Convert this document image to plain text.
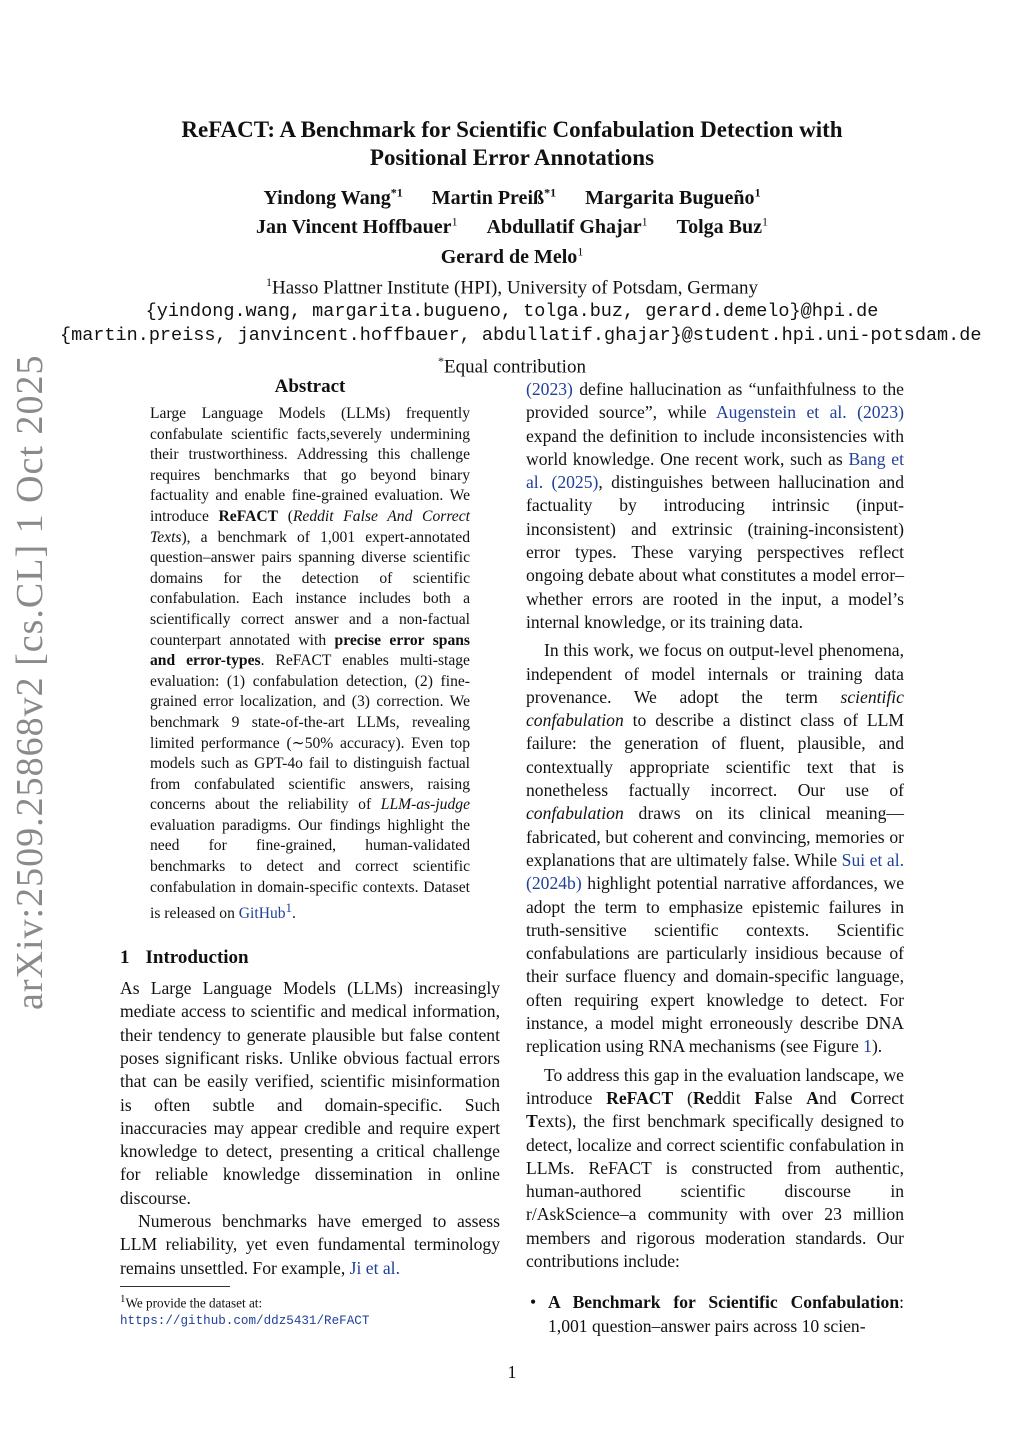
arXiv:2509.25868v2 [cs.CL] 1 Oct 2025
ReFACT: A Benchmark for Scientific Confabulation Detection with
Positional Error Annotations
Yindong Wang$^{*1}$ Martin Preiß$^{*1}$ Margarita Bugueño$^1$
Jan Vincent Hoffbauer$^1$ Abdullatif Ghajar$^1$ Tolga Buz$^1$
Gerard de Melo$^1$
$^1$Hasso Plattner Institute (HPI), University of Potsdam, Germany
{yindong.wang, margarita.bugueno, tolga.buz, gerard.demelo}@hpi.de
{martin.preiss, janvincent.hoffbauer, abdullatif.ghajar}@student.hpi.uni-potsdam.de
*Equal contribution
Abstract
Large Language Models (LLMs) frequently confabulate scientific facts,severely undermining their trustworthiness. Addressing this challenge requires benchmarks that go beyond binary factuality and enable fine-grained evaluation. We introduce ReFACT (Reddit False And Correct Texts), a benchmark of 1,001 expert-annotated question–answer pairs spanning diverse scientific domains for the detection of scientific confabulation. Each instance includes both a scientifically correct answer and a non-factual counterpart annotated with precise error spans and error-types. ReFACT enables multi-stage evaluation: (1) confabulation detection, (2) fine-grained error localization, and (3) correction. We benchmark 9 state-of-the-art LLMs, revealing limited performance (∼50% accuracy). Even top models such as GPT-4o fail to distinguish factual from confabulated scientific answers, raising concerns about the reliability of LLM-as-judge evaluation paradigms. Our findings highlight the need for fine-grained, human-validated benchmarks to detect and correct scientific confabulation in domain-specific contexts. Dataset is released on GitHub$^1$.
1 Introduction

As Large Language Models (LLMs) increasingly mediate access to scientific and medical information, their tendency to generate plausible but false content poses significant risks. Unlike obvious factual errors that can be easily verified, scientific misinformation is often subtle and domain-specific. Such inaccuracies may appear credible and require expert knowledge to detect, presenting a critical challenge for reliable knowledge dissemination in online discourse.

Numerous benchmarks have emerged to assess LLM reliability, yet even fundamental terminology remains unsettled. For example, Ji et al.

$^1$We provide the dataset at: https://github.com/ddz5431/ReFACT

(2023) define hallucination as “unfaithfulness to the provided source”, while Augenstein et al. (2023) expand the definition to include inconsistencies with world knowledge. One recent work, such as Bang et al. (2025), distinguishes between hallucination and factuality by introducing intrinsic (input-inconsistent) and extrinsic (training-inconsistent) error types. These varying perspectives reflect ongoing debate about what constitutes a model error–whether errors are rooted in the input, a model’s internal knowledge, or its training data.

In this work, we focus on output-level phenomena, independent of model internals or training data provenance. We adopt the term scientific confabulation to describe a distinct class of LLM failure: the generation of fluent, plausible, and contextually appropriate scientific text that is nonetheless factually incorrect. Our use of confabulation draws on its clinical meaning—fabricated, but coherent and convincing, memories or explanations that are ultimately false. While Sui et al. (2024b) highlight potential narrative affordances, we adopt the term to emphasize epistemic failures in truth-sensitive scientific contexts. Scientific confabulations are particularly insidious because of their surface fluency and domain-specific language, often requiring expert knowledge to detect. For instance, a model might erroneously describe DNA replication using RNA mechanisms (see Figure 1).

To address this gap in the evaluation landscape, we introduce ReFACT (Reddit False And Correct Texts), the first benchmark specifically designed to detect, localize and correct scientific confabulation in LLMs. ReFACT is constructed from authentic, human-authored scientific discourse in r/AskScience–a community with over 23 million members and rigorous moderation standards. Our contributions include:

• A Benchmark for Scientific Confabulation: 1,001 question–answer pairs across 10 scien-
1
